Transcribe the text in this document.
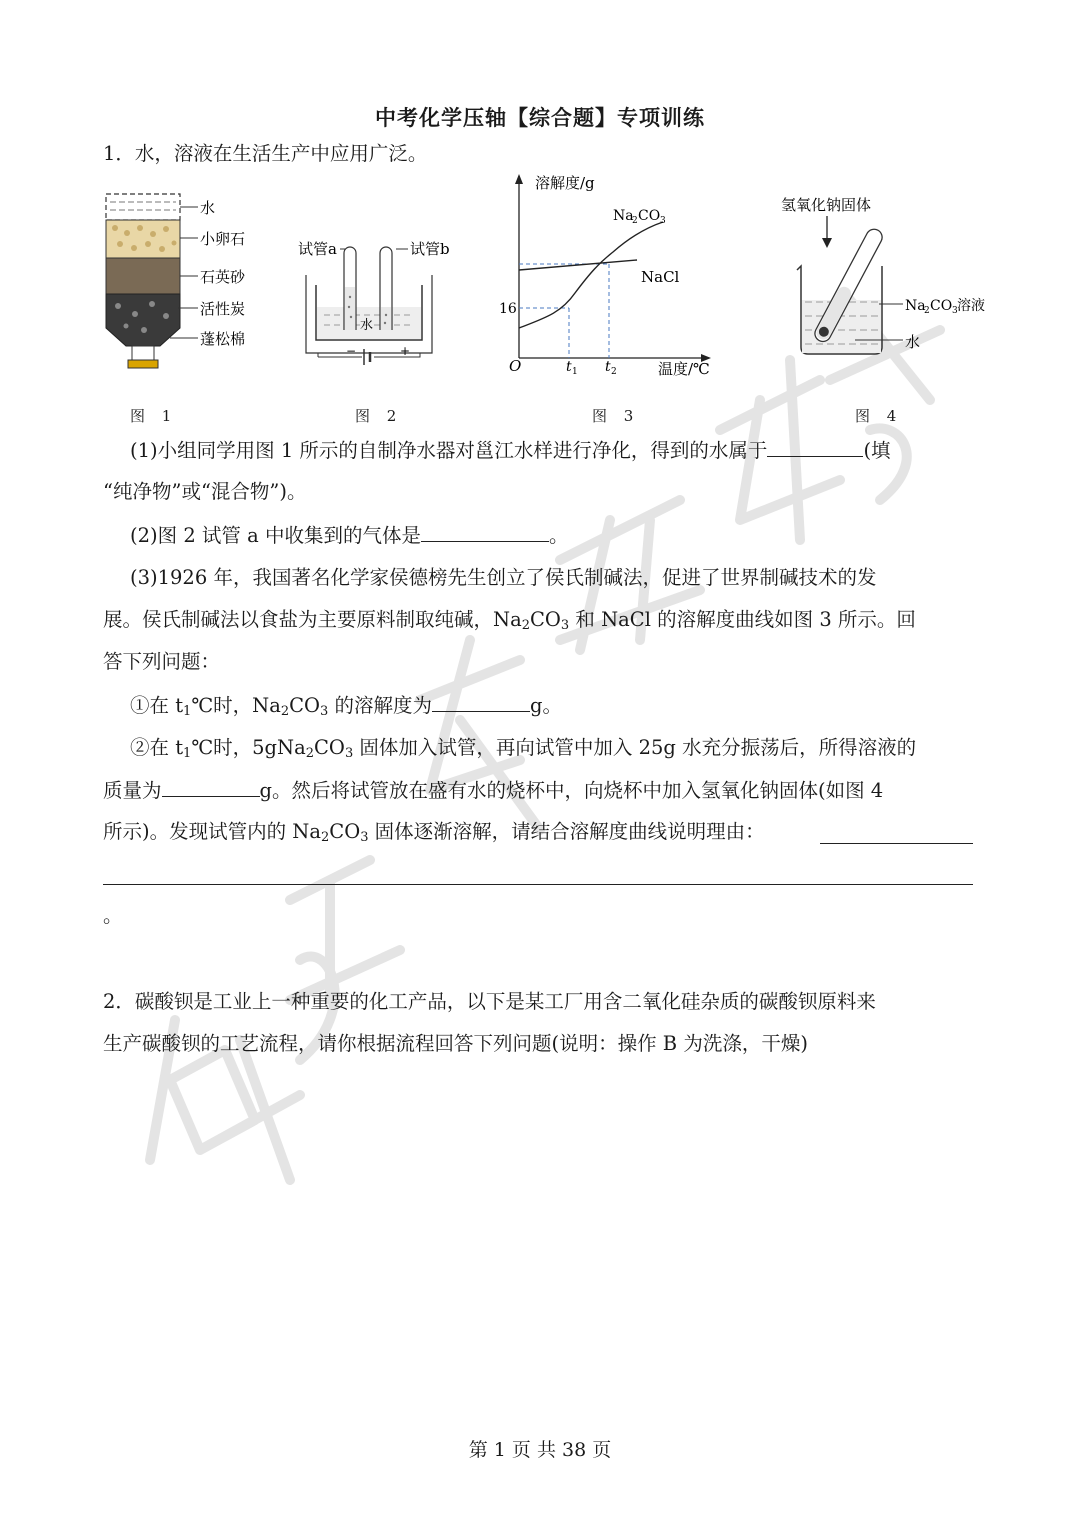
中考化学压轴【综合题】专项训练
1．水，溶液在生活生产中应用广泛。
水
小卵石
石英砂
活性炭
蓬松棉
试管a	试管b
水
−	+
溶解度/g
温度/℃
O
16
t 1 t 2
Na
2 CO 3
NaCl
氢氧化钠固体
Na
2 CO 3 溶液
水
图 1	图 2	图 3	图 4
(1)小组同学用图 1 所示的自制净水器对邕江水样进行净化，得到的水属于	(填
“纯净物”或“混合物”)。
(2)图 2 试管 a 中收集到的气体是	。
(3)1926 年，我国著名化学家侯德榜先生创立了侯氏制碱法，促进了世界制碱技术的发
展。侯氏制碱法以食盐为主要原料制取纯碱，$Na_2CO_3$ 和 NaCl 的溶解度曲线如图 3 所示。回
答下列问题：
①在 $t_1℃$时，$Na_2CO_3$ 的溶解度为	g。
②在 $t_1℃$时，$5gNa_2CO_3$ 固体加入试管，再向试管中加入 25g 水充分振荡后，所得溶液的
质量为	g。然后将试管放在盛有水的烧杯中，向烧杯中加入氢氧化钠固体(如图 4
所示)。发现试管内的 $Na_2CO_3$ 固体逐渐溶解，请结合溶解度曲线说明理由：
。
2．碳酸钡是工业上一种重要的化工产品，以下是某工厂用含二氧化硅杂质的碳酸钡原料来
生产碳酸钡的工艺流程，请你根据流程回答下列问题(说明：操作 B 为洗涤，干燥)
第 1 页 共 38 页
